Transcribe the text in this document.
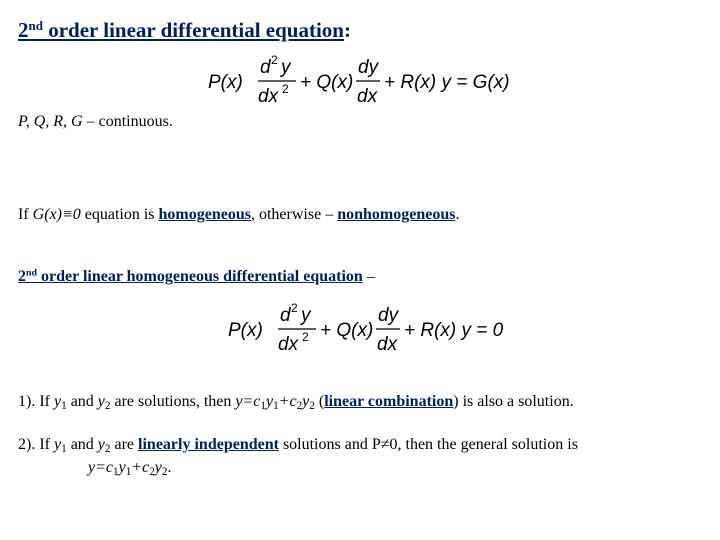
2nd order linear differential equation:
P(x)
d 2 y
dx 2 + Q(x)
dy
dx
+ R(x) y = G(x)
P, Q, R, G – continuous.
If G(x)≡0 equation is homogeneous, otherwise – nonhomogeneous.
2nd order linear homogeneous differential equation –
P(x)
d 2 y
dx 2 + Q(x)
dy
dx
+ R(x) y = 0
1). If $y_1$ and $y_2$ are solutions, then $y=c_1y_1+c_2y_2$ (linear combination) is also a solution.
2). If $y_1$ and $y_2$ are linearly independent solutions and P≠0, then the general solution is
$y=c_1y_1+c_2y_2$.
